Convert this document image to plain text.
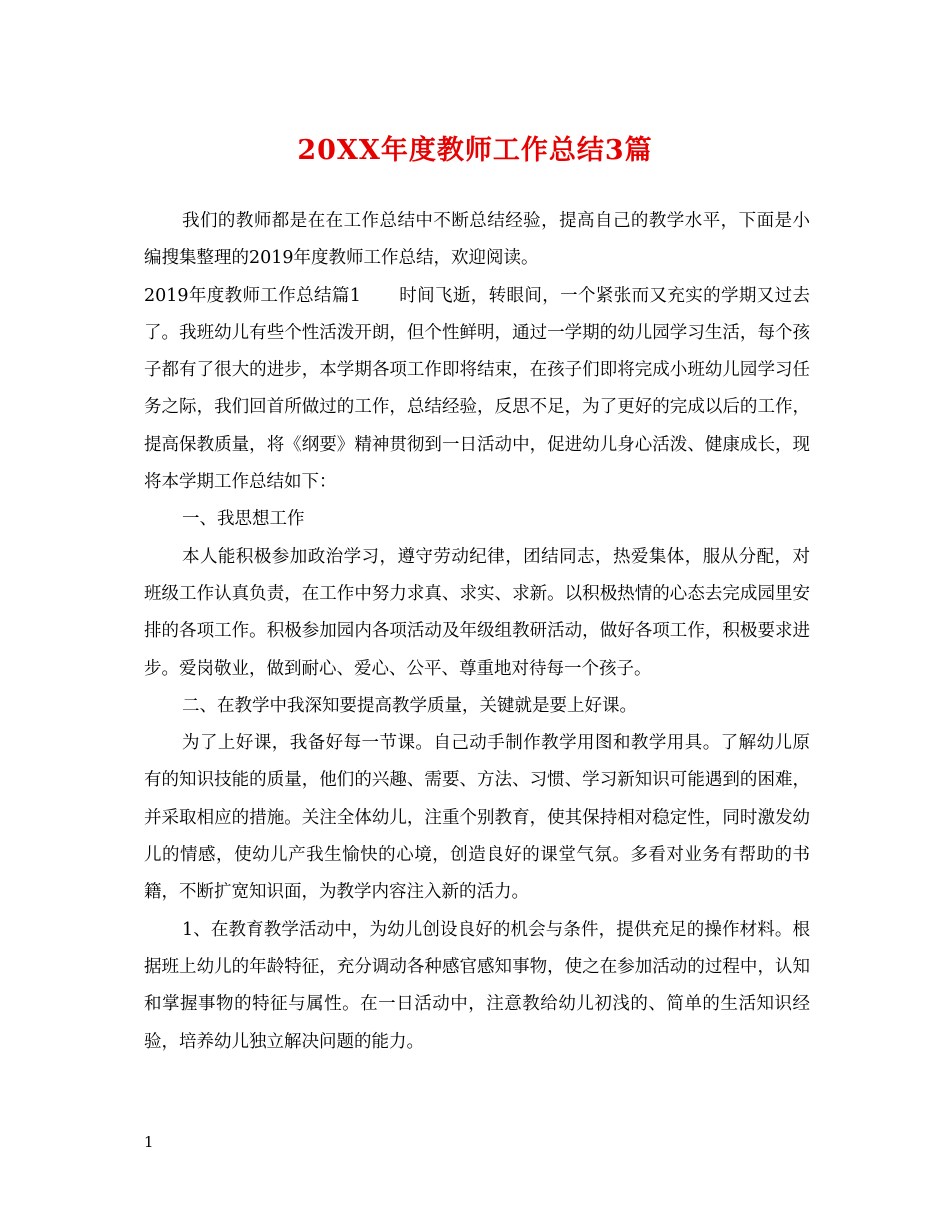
20XX年度教师工作总结3篇

我们的教师都是在在工作总结中不断总结经验，提高自己的教学水平，下面是小编搜集整理的2019年度教师工作总结，欢迎阅读。

2019年度教师工作总结篇1 时间飞逝，转眼间，一个紧张而又充实的学期又过去了。我班幼儿有些个性活泼开朗，但个性鲜明，通过一学期的幼儿园学习生活，每个孩子都有了很大的进步，本学期各项工作即将结束，在孩子们即将完成小班幼儿园学习任务之际，我们回首所做过的工作，总结经验，反思不足，为了更好的完成以后的工作，提高保教质量，将《纲要》精神贯彻到一日活动中，促进幼儿身心活泼、健康成长，现将本学期工作总结如下：

一、我思想工作

本人能积极参加政治学习，遵守劳动纪律，团结同志，热爱集体，服从分配，对班级工作认真负责，在工作中努力求真、求实、求新。以积极热情的心态去完成园里安排的各项工作。积极参加园内各项活动及年级组教研活动，做好各项工作，积极要求进步。爱岗敬业，做到耐心、爱心、公平、尊重地对待每一个孩子。

二、在教学中我深知要提高教学质量，关键就是要上好课。

为了上好课，我备好每一节课。自己动手制作教学用图和教学用具。了解幼儿原有的知识技能的质量，他们的兴趣、需要、方法、习惯、学习新知识可能遇到的困难，并采取相应的措施。关注全体幼儿，注重个别教育，使其保持相对稳定性，同时激发幼儿的情感，使幼儿产我生愉快的心境，创造良好的课堂气氛。多看对业务有帮助的书籍，不断扩宽知识面，为教学内容注入新的活力。

1、在教育教学活动中，为幼儿创设良好的机会与条件，提供充足的操作材料。根据班上幼儿的年龄特征，充分调动各种感官感知事物，使之在参加活动的过程中，认知和掌握事物的特征与属性。在一日活动中，注意教给幼儿初浅的、简单的生活知识经验，培养幼儿独立解决问题的能力。

1
